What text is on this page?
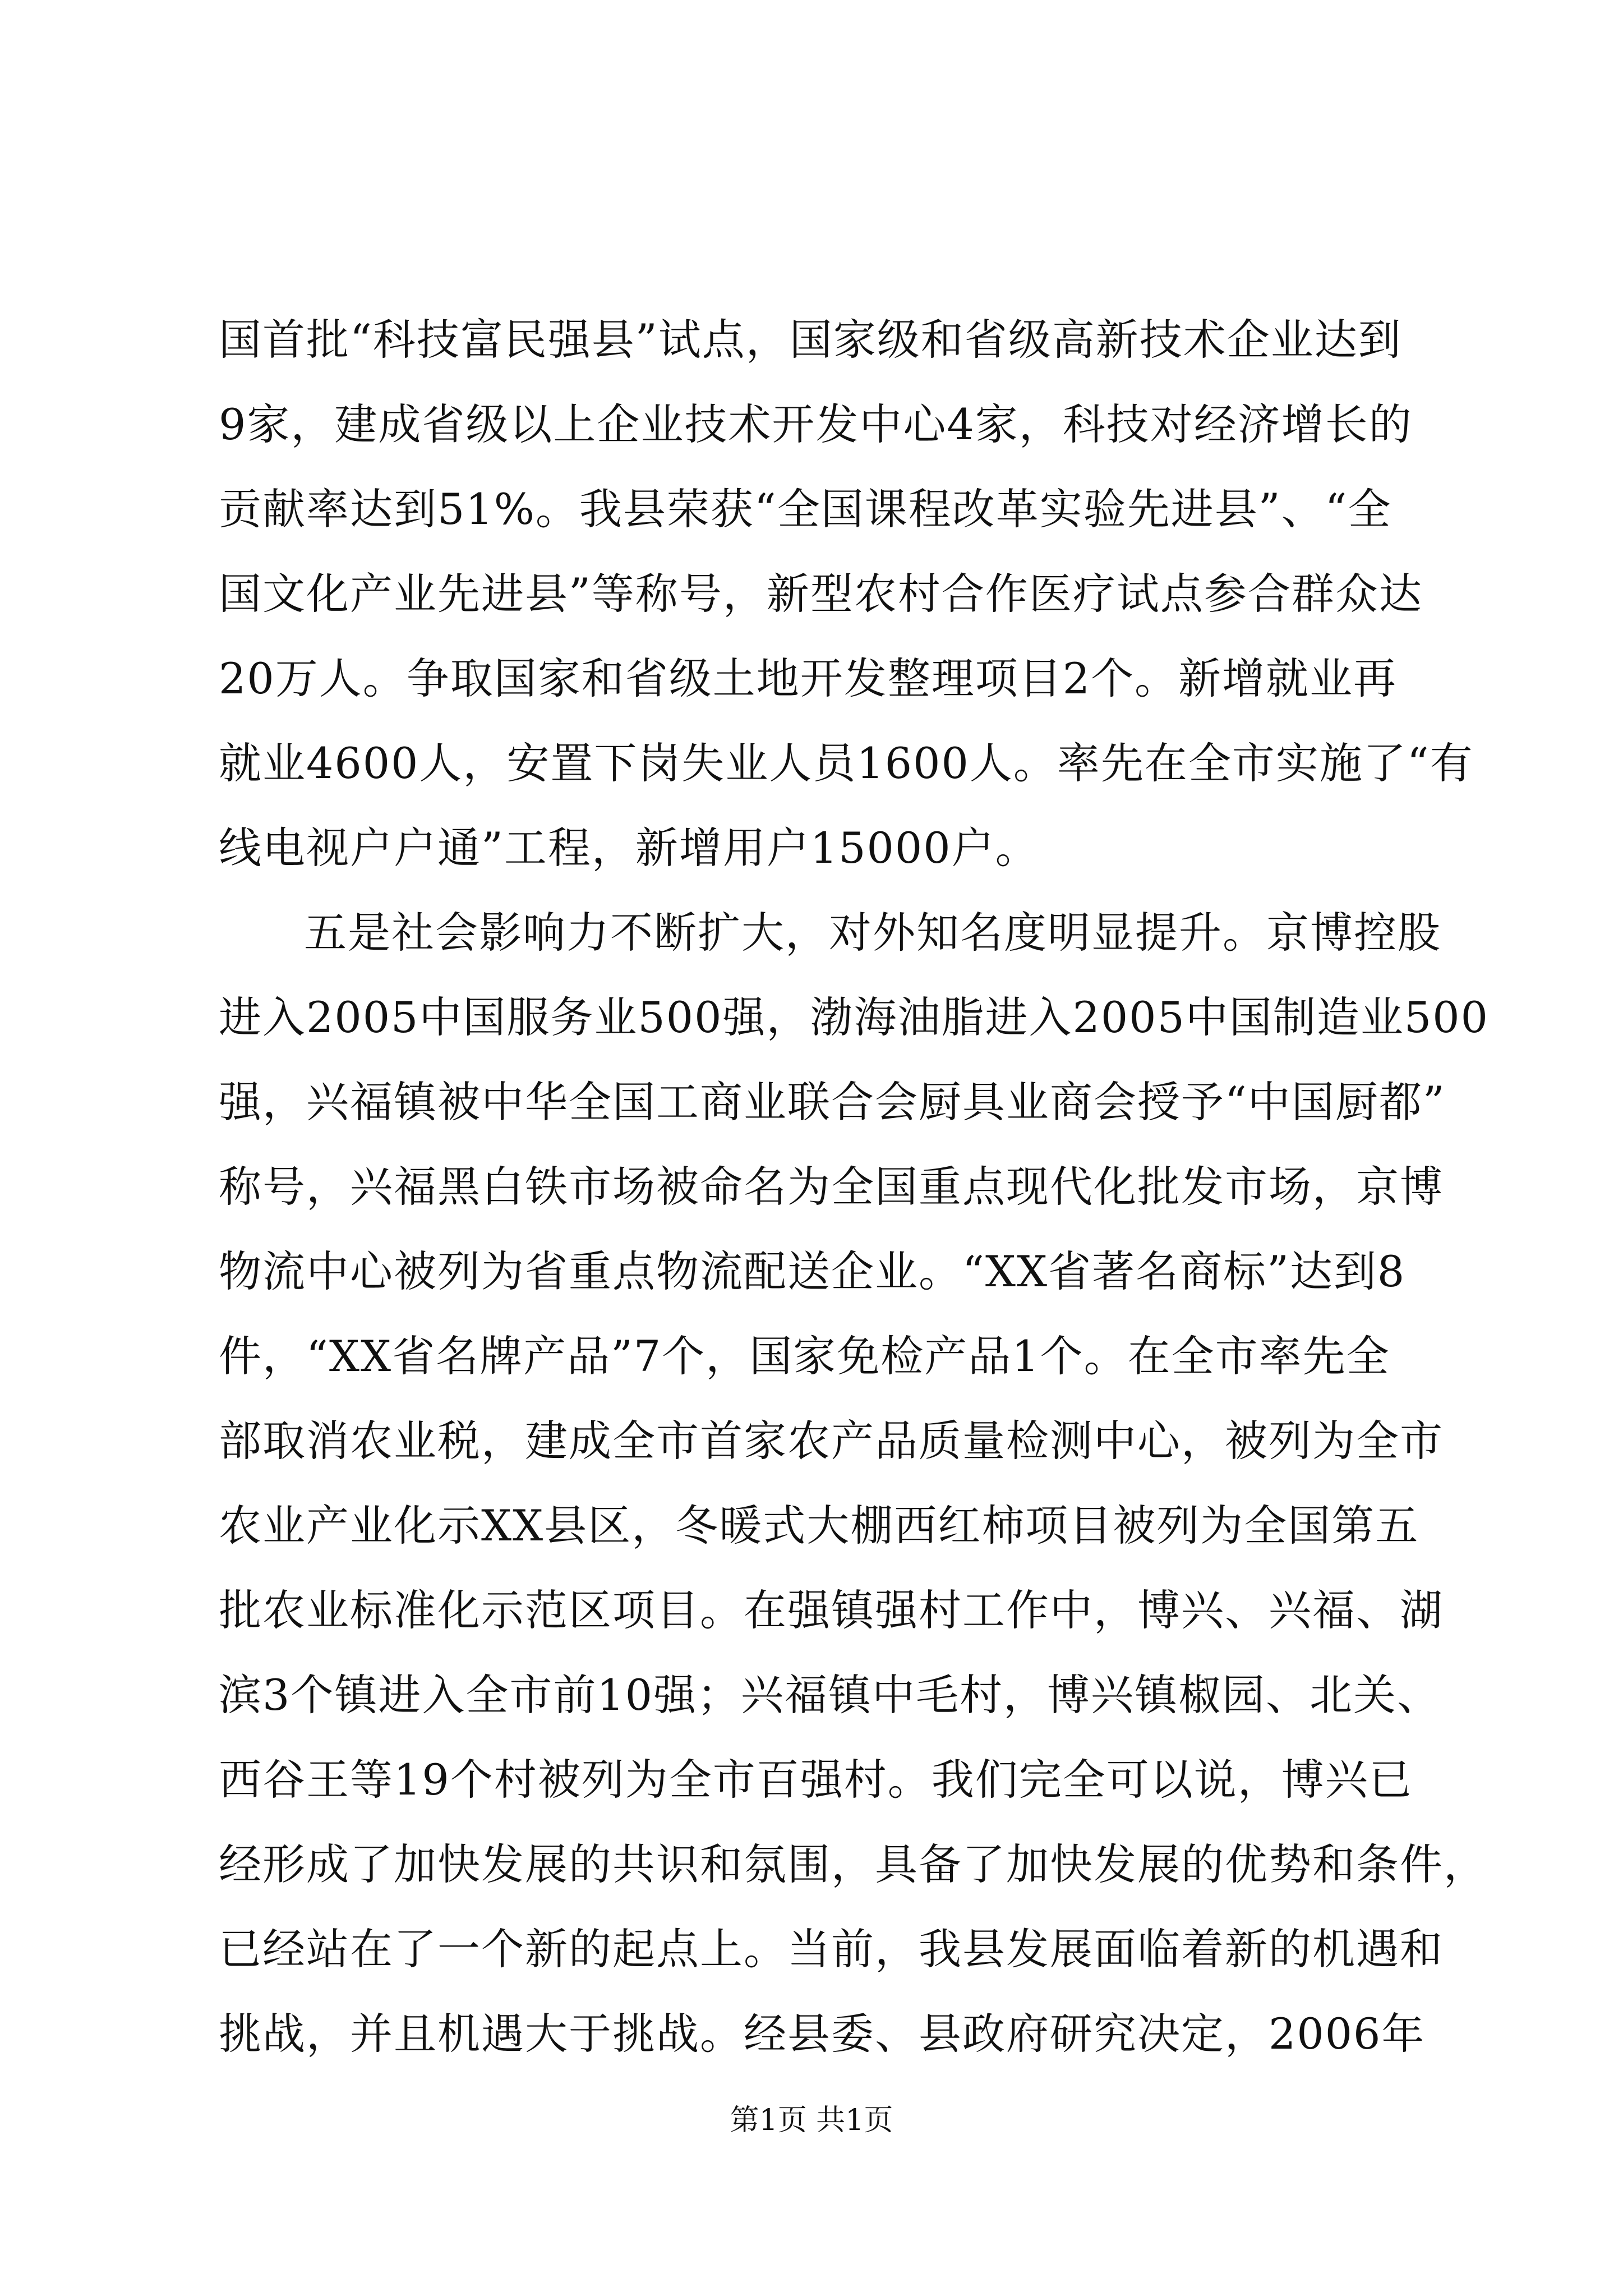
国首批“科技富民强县”试点，国家级和省级高新技术企业达到
9家，建成省级以上企业技术开发中心4家，科技对经济增长的
贡献率达到51%。我县荣获“全国课程改革实验先进县”、“全
国文化产业先进县”等称号，新型农村合作医疗试点参合群众达
20万人。争取国家和省级土地开发整理项目2个。新增就业再
就业4600人，安置下岗失业人员1600人。率先在全市实施了“有
线电视户户通”工程，新增用户15000户。
五是社会影响力不断扩大，对外知名度明显提升。京博控股
进入2005中国服务业500强，渤海油脂进入2005中国制造业500
强，兴福镇被中华全国工商业联合会厨具业商会授予“中国厨都”
称号，兴福黑白铁市场被命名为全国重点现代化批发市场，京博
物流中心被列为省重点物流配送企业。“XX省著名商标”达到8
件，“XX省名牌产品”7个，国家免检产品1个。在全市率先全
部取消农业税，建成全市首家农产品质量检测中心，被列为全市
农业产业化示XX县区，冬暖式大棚西红柿项目被列为全国第五
批农业标准化示范区项目。在强镇强村工作中，博兴、兴福、湖
滨3个镇进入全市前10强；兴福镇中毛村，博兴镇椒园、北关、
西谷王等19个村被列为全市百强村。我们完全可以说，博兴已
经形成了加快发展的共识和氛围，具备了加快发展的优势和条件，
已经站在了一个新的起点上。当前，我县发展面临着新的机遇和
挑战，并且机遇大于挑战。经县委、县政府研究决定，2006年
第1页 共1页
